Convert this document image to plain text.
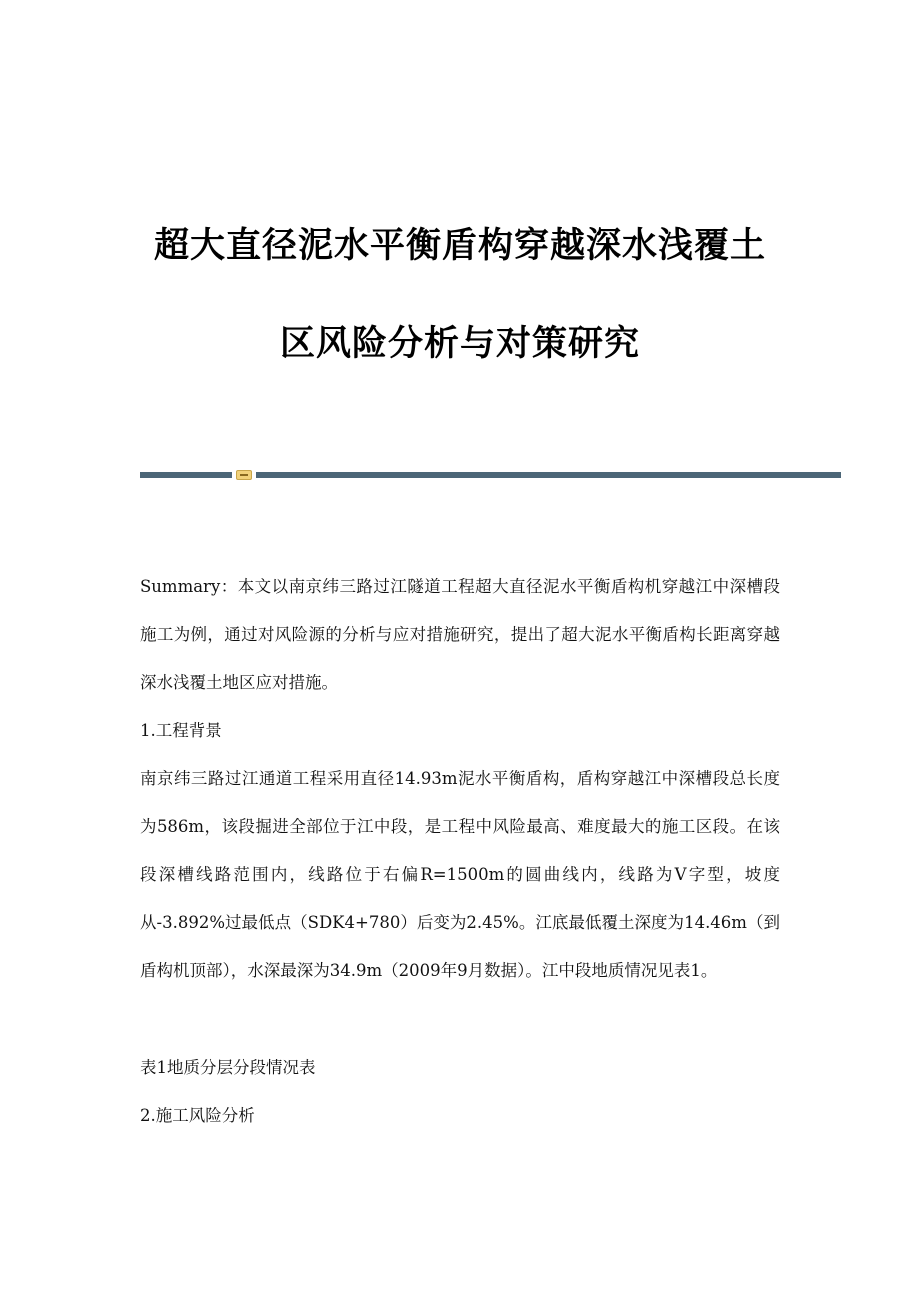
超大直径泥水平衡盾构穿越深水浅覆土
区风险分析与对策研究

Summary：本文以南京纬三路过江隧道工程超大直径泥水平衡盾构机穿越江中深槽段施工为例，通过对风险源的分析与应对措施研究，提出了超大泥水平衡盾构长距离穿越深水浅覆土地区应对措施。

1.工程背景

南京纬三路过江通道工程采用直径14.93m泥水平衡盾构，盾构穿越江中深槽段总长度为586m，该段掘进全部位于江中段，是工程中风险最高、难度最大的施工区段。在该段深槽线路范围内，线路位于右偏R=1500m的圆曲线内，线路为V字型，坡度从-3.892%过最低点（SDK4+780）后变为2.45%。江底最低覆土深度为14.46m（到盾构机顶部），水深最深为34.9m（2009年9月数据）。江中段地质情况见表1。

表1地质分层分段情况表

2.施工风险分析
